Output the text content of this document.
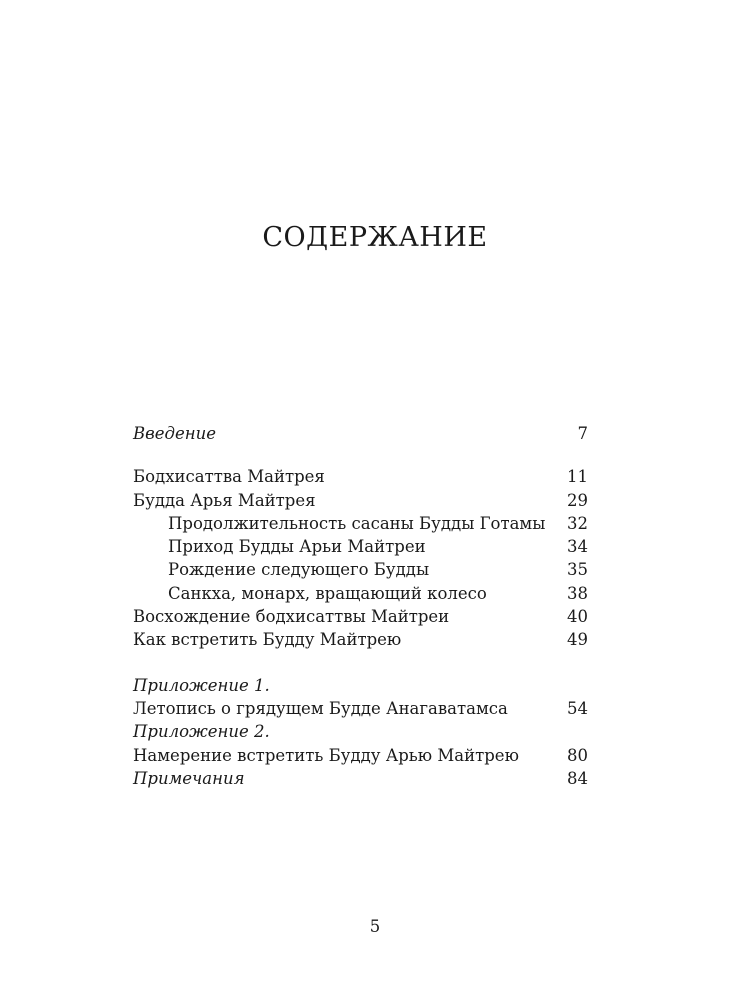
СОДЕРЖАНИЕ
Введение	7
Бодхисаттва Майтрея	11
Будда Арья Майтрея	29
Продолжительность сасаны Будды Готамы	32
Приход Будды Арьи Майтреи	34
Рождение следующего Будды	35
Санкха, монарх, вращающий колесо	38
Восхождение бодхисаттвы Майтреи	40
Как встретить Будду Майтрею	49
Приложение 1.
Летопись о грядущем Будде Анагаватамса	54
Приложение 2.
Намерение встретить Будду Арью Майтрею	80
Примечания	84
5
